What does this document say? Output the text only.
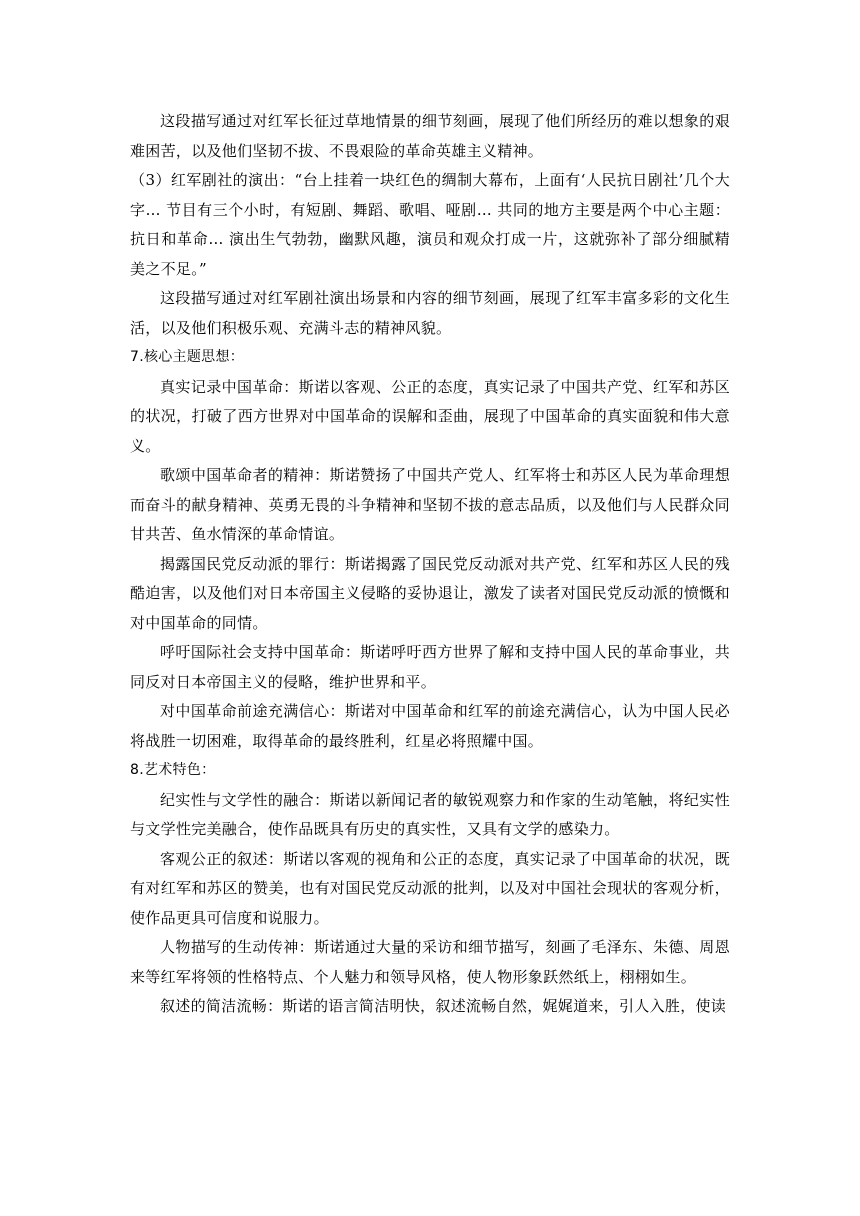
这段描写通过对红军长征过草地情景的细节刻画，展现了他们所经历的难以想象的艰难困苦，以及他们坚韧不拔、不畏艰险的革命英雄主义精神。

（3）红军剧社的演出：“台上挂着一块红色的绸制大幕布，上面有‘人民抗日剧社’几个大字… 节目有三个小时，有短剧、舞蹈、歌唱、哑剧… 共同的地方主要是两个中心主题：抗日和革命… 演出生气勃勃，幽默风趣，演员和观众打成一片，这就弥补了部分细腻精美之不足。”

这段描写通过对红军剧社演出场景和内容的细节刻画，展现了红军丰富多彩的文化生活，以及他们积极乐观、充满斗志的精神风貌。

7.核心主题思想：

真实记录中国革命：斯诺以客观、公正的态度，真实记录了中国共产党、红军和苏区的状况，打破了西方世界对中国革命的误解和歪曲，展现了中国革命的真实面貌和伟大意义。

歌颂中国革命者的精神：斯诺赞扬了中国共产党人、红军将士和苏区人民为革命理想而奋斗的献身精神、英勇无畏的斗争精神和坚韧不拔的意志品质，以及他们与人民群众同甘共苦、鱼水情深的革命情谊。

揭露国民党反动派的罪行：斯诺揭露了国民党反动派对共产党、红军和苏区人民的残酷迫害，以及他们对日本帝国主义侵略的妥协退让，激发了读者对国民党反动派的愤慨和对中国革命的同情。

呼吁国际社会支持中国革命：斯诺呼吁西方世界了解和支持中国人民的革命事业，共同反对日本帝国主义的侵略，维护世界和平。

对中国革命前途充满信心：斯诺对中国革命和红军的前途充满信心，认为中国人民必将战胜一切困难，取得革命的最终胜利，红星必将照耀中国。

8.艺术特色：

纪实性与文学性的融合：斯诺以新闻记者的敏锐观察力和作家的生动笔触，将纪实性与文学性完美融合，使作品既具有历史的真实性，又具有文学的感染力。

客观公正的叙述：斯诺以客观的视角和公正的态度，真实记录了中国革命的状况，既有对红军和苏区的赞美，也有对国民党反动派的批判，以及对中国社会现状的客观分析，使作品更具可信度和说服力。

人物描写的生动传神：斯诺通过大量的采访和细节描写，刻画了毛泽东、朱德、周恩来等红军将领的性格特点、个人魅力和领导风格，使人物形象跃然纸上，栩栩如生。

叙述的简洁流畅：斯诺的语言简洁明快，叙述流畅自然，娓娓道来，引人入胜，使读
